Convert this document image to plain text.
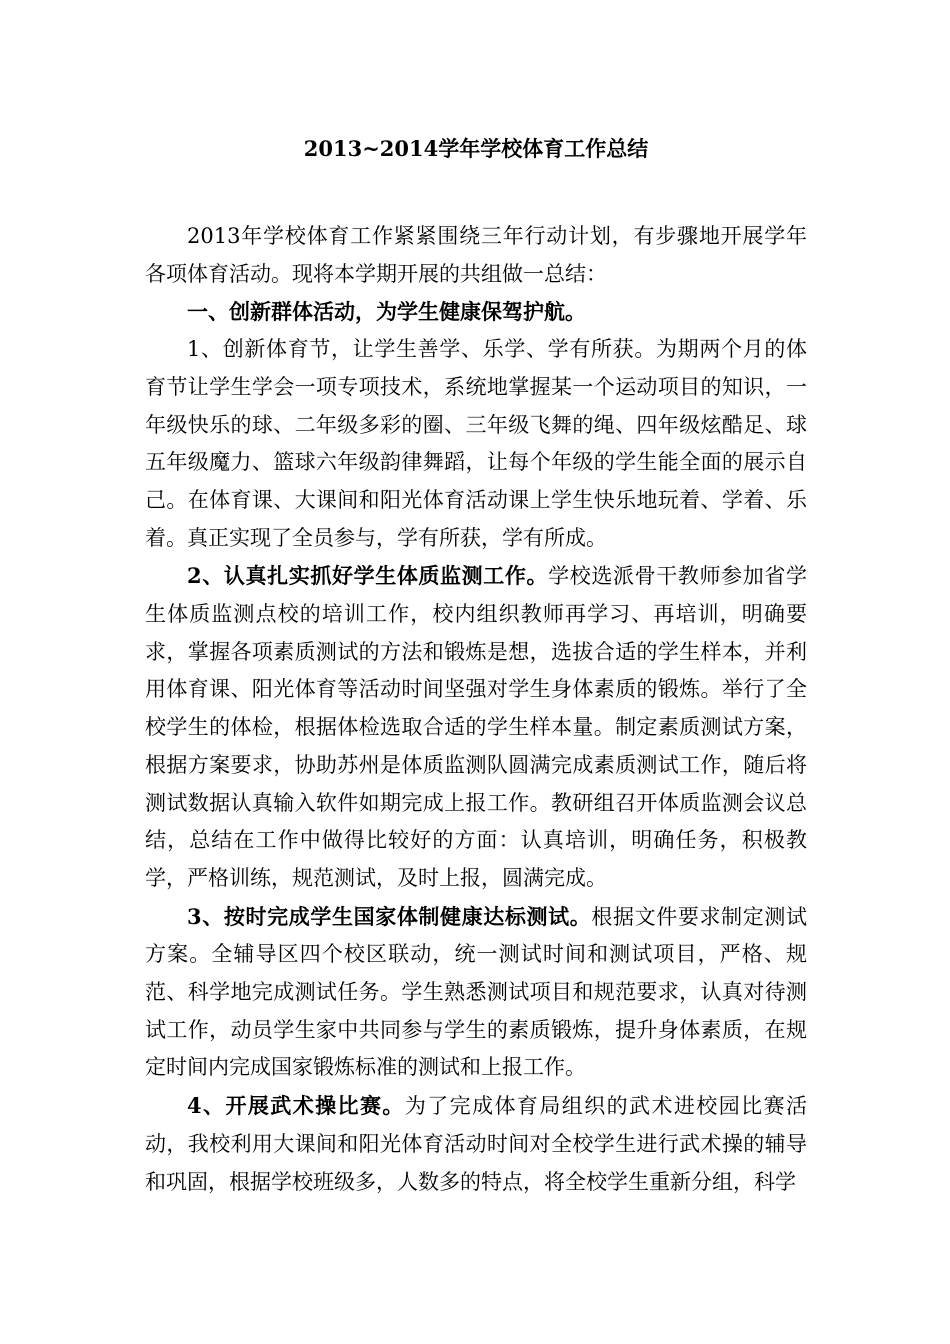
2013~2014学年学校体育工作总结

2013年学校体育工作紧紧围绕三年行动计划，有步骤地开展学年各项体育活动。现将本学期开展的共组做一总结：

一、创新群体活动，为学生健康保驾护航。

1、创新体育节，让学生善学、乐学、学有所获。为期两个月的体育节让学生学会一项专项技术，系统地掌握某一个运动项目的知识，一年级快乐的球、二年级多彩的圈、三年级飞舞的绳、四年级炫酷足、球五年级魔力、篮球六年级韵律舞蹈，让每个年级的学生能全面的展示自己。在体育课、大课间和阳光体育活动课上学生快乐地玩着、学着、乐着。真正实现了全员参与，学有所获，学有所成。

2、认真扎实抓好学生体质监测工作。学校选派骨干教师参加省学生体质监测点校的培训工作，校内组织教师再学习、再培训，明确要求，掌握各项素质测试的方法和锻炼是想，选拔合适的学生样本，并利用体育课、阳光体育等活动时间坚强对学生身体素质的锻炼。举行了全校学生的体检，根据体检选取合适的学生样本量。制定素质测试方案，根据方案要求，协助苏州是体质监测队圆满完成素质测试工作，随后将测试数据认真输入软件如期完成上报工作。教研组召开体质监测会议总结，总结在工作中做得比较好的方面：认真培训，明确任务，积极教学，严格训练，规范测试，及时上报，圆满完成。

3、按时完成学生国家体制健康达标测试。根据文件要求制定测试方案。全辅导区四个校区联动，统一测试时间和测试项目，严格、规范、科学地完成测试任务。学生熟悉测试项目和规范要求，认真对待测试工作，动员学生家中共同参与学生的素质锻炼，提升身体素质，在规定时间内完成国家锻炼标准的测试和上报工作。

4、开展武术操比赛。为了完成体育局组织的武术进校园比赛活动，我校利用大课间和阳光体育活动时间对全校学生进行武术操的辅导和巩固，根据学校班级多，人数多的特点，将全校学生重新分组，科学
